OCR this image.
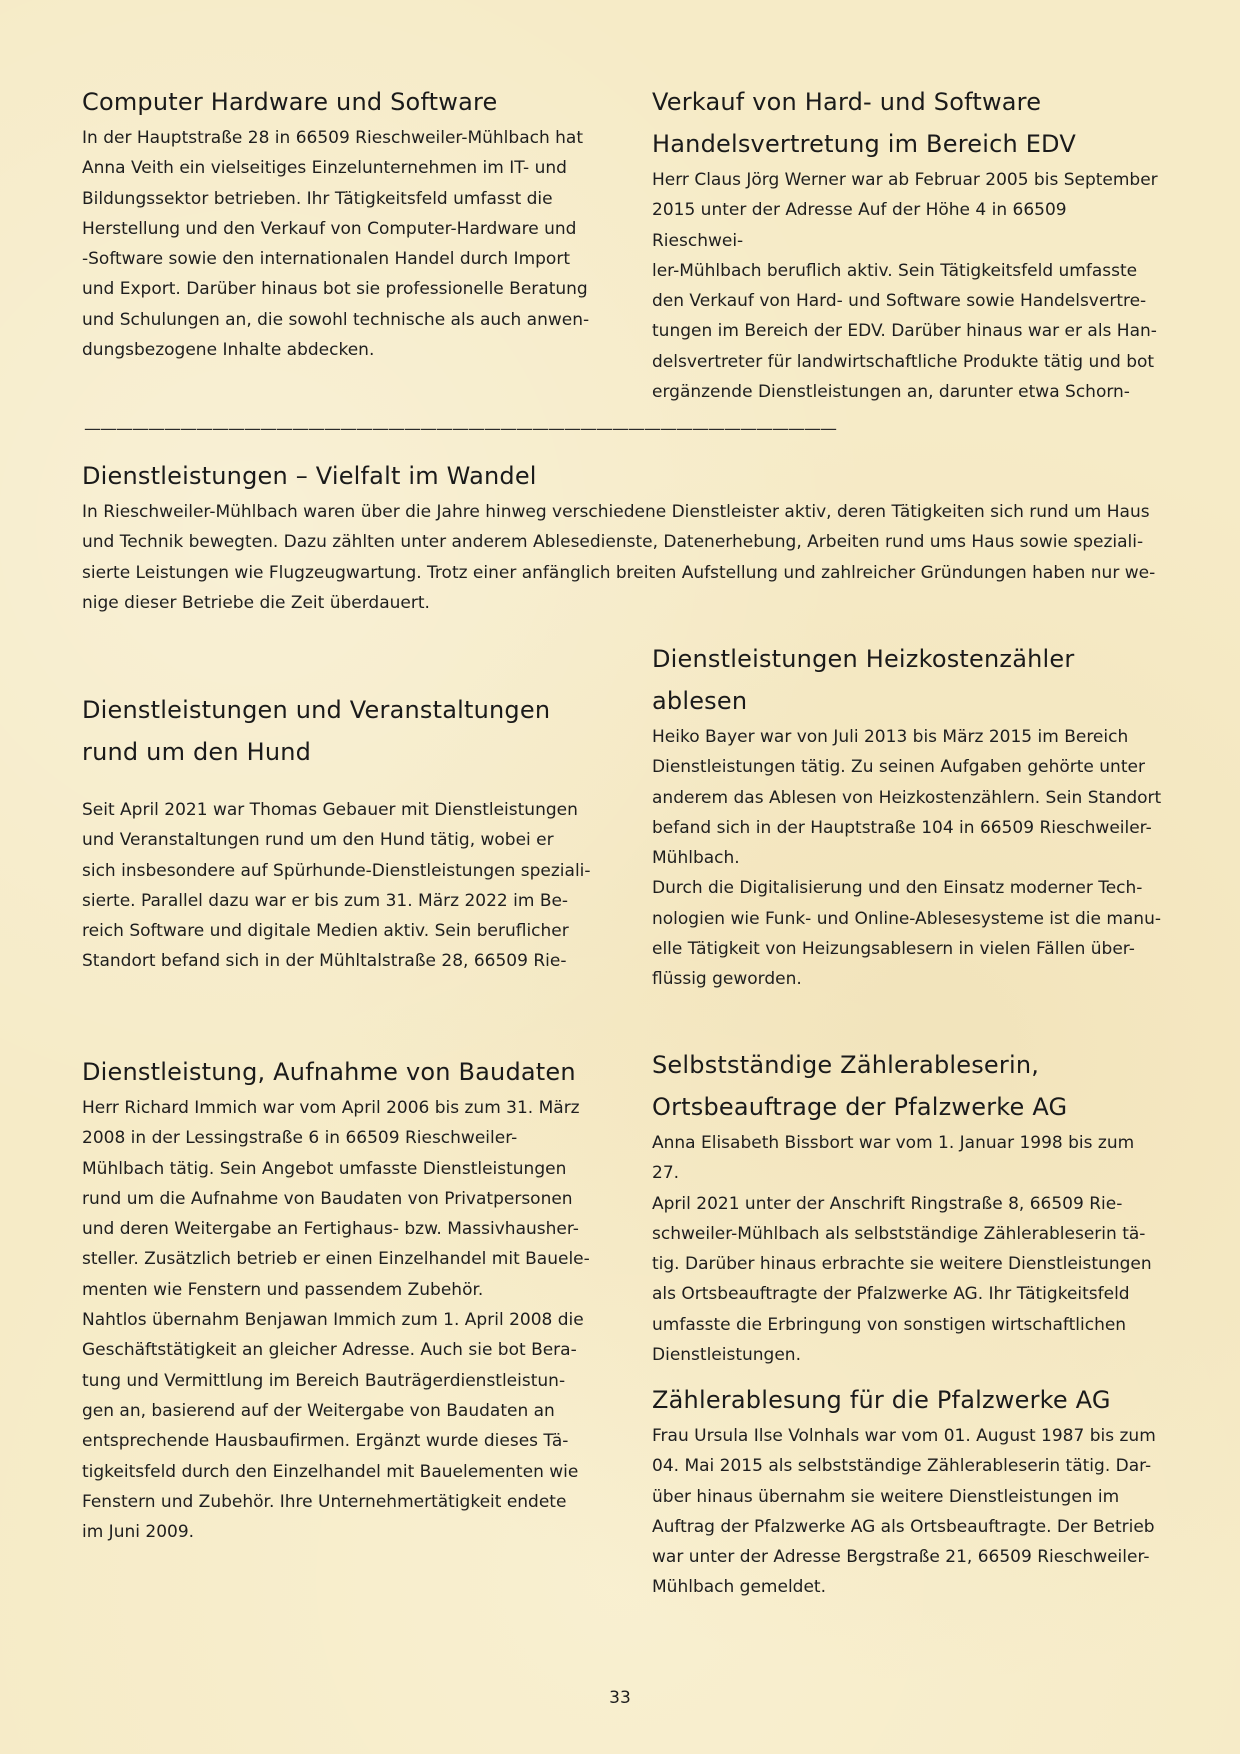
Computer Hardware und Software

In der Hauptstraße 28 in 66509 Rieschweiler-Mühlbach hat

Anna Veith ein vielseitiges Einzelunternehmen im IT- und

Bildungssektor betrieben. Ihr Tätigkeitsfeld umfasst die

Herstellung und den Verkauf von Computer-Hardware und

-Software sowie den internationalen Handel durch Import

und Export. Darüber hinaus bot sie professionelle Beratung

und Schulungen an, die sowohl technische als auch anwen-

dungsbezogene Inhalte abdecken.

Verkauf von Hard- und Software
Handelsvertretung im Bereich EDV

Herr Claus Jörg Werner war ab Februar 2005 bis September

2015 unter der Adresse Auf der Höhe 4 in 66509 Rieschwei-

ler-Mühlbach beruflich aktiv. Sein Tätigkeitsfeld umfasste

den Verkauf von Hard- und Software sowie Handelsvertre-

tungen im Bereich der EDV. Darüber hinaus war er als Han-

delsvertreter für landwirtschaftliche Produkte tätig und bot

ergänzende Dienstleistungen an, darunter etwa Schorn-

———————————————————————————————————————————————
Dienstleistungen – Vielfalt im Wandel

In Rieschweiler-Mühlbach waren über die Jahre hinweg verschiedene Dienstleister aktiv, deren Tätigkeiten sich rund um Haus

und Technik bewegten. Dazu zählten unter anderem Ablesedienste, Datenerhebung, Arbeiten rund ums Haus sowie speziali-

sierte Leistungen wie Flugzeugwartung. Trotz einer anfänglich breiten Aufstellung und zahlreicher Gründungen haben nur we-

nige dieser Betriebe die Zeit überdauert.

Dienstleistungen und Veranstaltungen
rund um den Hund

Seit April 2021 war Thomas Gebauer mit Dienstleistungen

und Veranstaltungen rund um den Hund tätig, wobei er

sich insbesondere auf Spürhunde-Dienstleistungen speziali-

sierte. Parallel dazu war er bis zum 31. März 2022 im Be-

reich Software und digitale Medien aktiv. Sein beruflicher

Standort befand sich in der Mühltalstraße 28, 66509 Rie-

Dienstleistungen Heizkostenzähler ablesen

Heiko Bayer war von Juli 2013 bis März 2015 im Bereich

Dienstleistungen tätig. Zu seinen Aufgaben gehörte unter

anderem das Ablesen von Heizkostenzählern. Sein Standort

befand sich in der Hauptstraße 104 in 66509 Rieschweiler-

Mühlbach.

Durch die Digitalisierung und den Einsatz moderner Tech-

nologien wie Funk- und Online-Ablesesysteme ist die manu-

elle Tätigkeit von Heizungsablesern in vielen Fällen über-

flüssig geworden.

Dienstleistung, Aufnahme von Baudaten

Herr Richard Immich war vom April 2006 bis zum 31. März

2008 in der Lessingstraße 6 in 66509 Rieschweiler-

Mühlbach tätig. Sein Angebot umfasste Dienstleistungen

rund um die Aufnahme von Baudaten von Privatpersonen

und deren Weitergabe an Fertighaus- bzw. Massivhausher-

steller. Zusätzlich betrieb er einen Einzelhandel mit Bauele-

menten wie Fenstern und passendem Zubehör.

Nahtlos übernahm Benjawan Immich zum 1. April 2008 die

Geschäftstätigkeit an gleicher Adresse. Auch sie bot Bera-

tung und Vermittlung im Bereich Bauträgerdienstleistun-

gen an, basierend auf der Weitergabe von Baudaten an

entsprechende Hausbaufirmen. Ergänzt wurde dieses Tä-

tigkeitsfeld durch den Einzelhandel mit Bauelementen wie

Fenstern und Zubehör. Ihre Unternehmertätigkeit endete

im Juni 2009.

Selbstständige Zählerableserin,
Ortsbeauftrage der Pfalzwerke AG

Anna Elisabeth Bissbort war vom 1. Januar 1998 bis zum 27.

April 2021 unter der Anschrift Ringstraße 8, 66509 Rie-

schweiler-Mühlbach als selbstständige Zählerableserin tä-

tig. Darüber hinaus erbrachte sie weitere Dienstleistungen

als Ortsbeauftragte der Pfalzwerke AG. Ihr Tätigkeitsfeld

umfasste die Erbringung von sonstigen wirtschaftlichen

Dienstleistungen.

Zählerablesung für die Pfalzwerke AG

Frau Ursula Ilse Volnhals war vom 01. August 1987 bis zum

04. Mai 2015 als selbstständige Zählerableserin tätig. Dar-

über hinaus übernahm sie weitere Dienstleistungen im

Auftrag der Pfalzwerke AG als Ortsbeauftragte. Der Betrieb

war unter der Adresse Bergstraße 21, 66509 Rieschweiler-

Mühlbach gemeldet.

33
